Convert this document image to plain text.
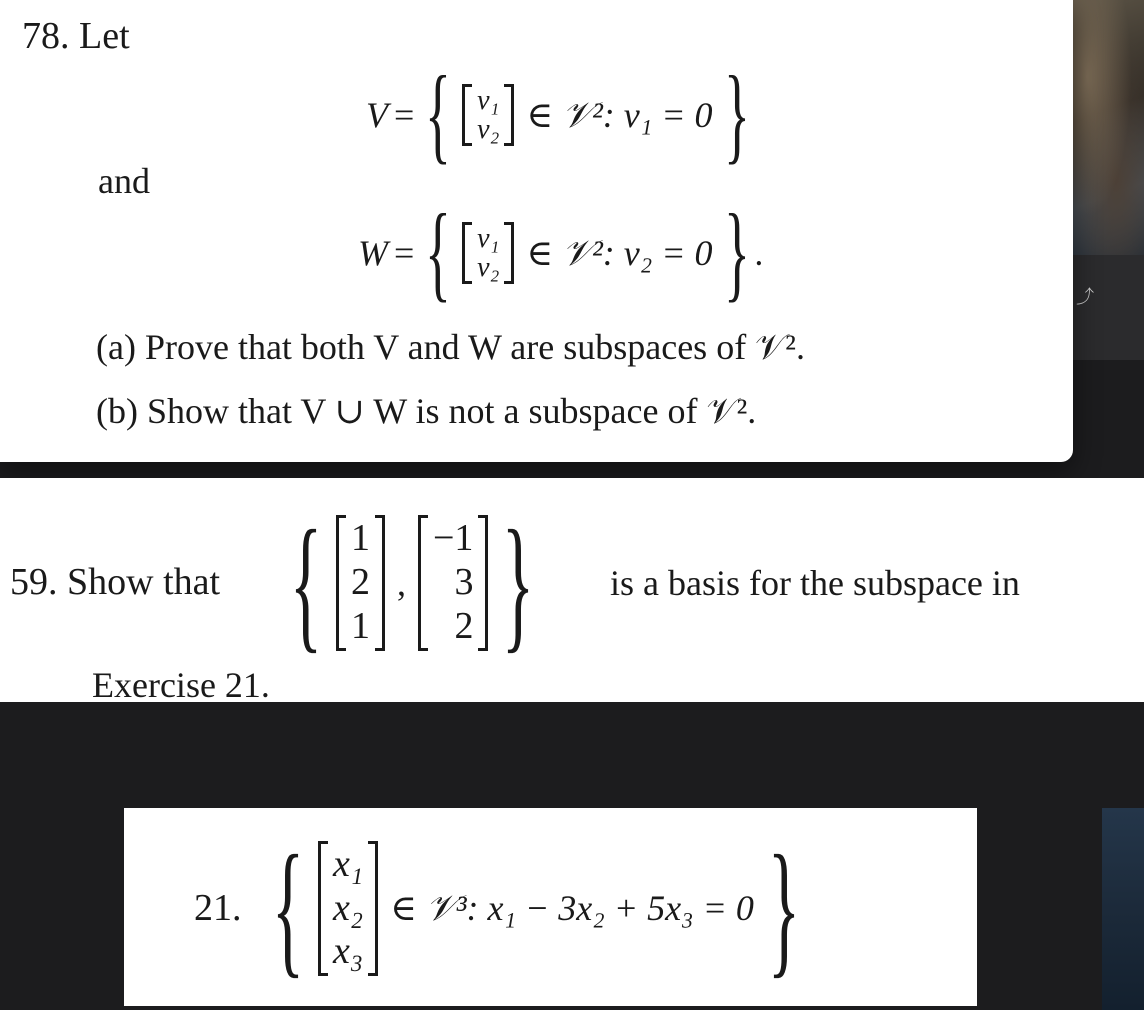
⤴
78. Let
V = { v₁
v₂ ∈ 𝒱²: v₁ = 0 }
and
W = { v₁
v₂ ∈ 𝒱²: v₂ = 0 } .
(a) Prove that both V and W are subspaces of 𝒱².
(b) Show that V ∪ W is not a subspace of 𝒱².
59. Show that { 1
2
1
,
−1
3
2 } is a basis for the subspace in
Exercise 21.
21. { x₁
x₂
x₃
∈ 𝒱³: x₁ − 3x₂ + 5x₃ = 0 }
